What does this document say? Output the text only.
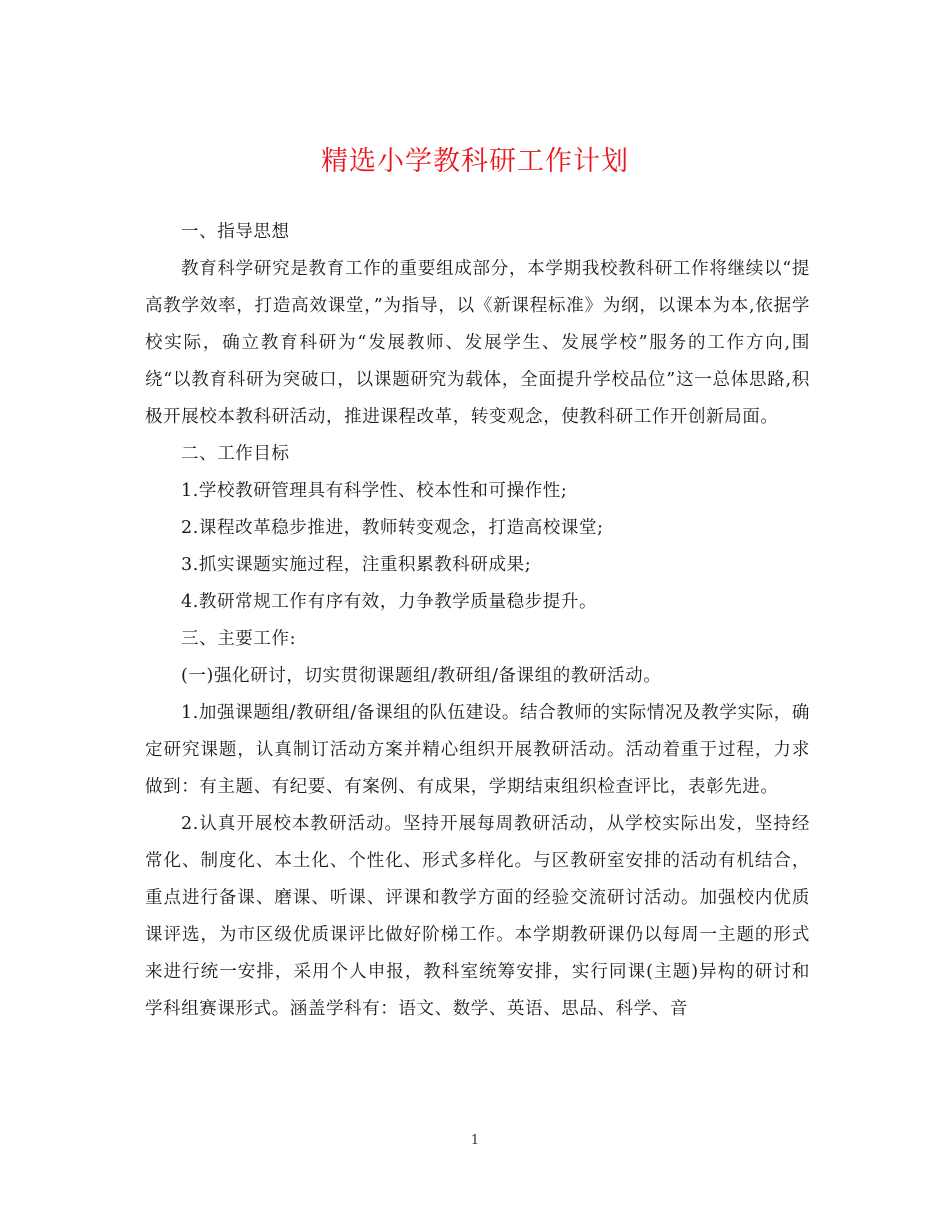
精选小学教科研工作计划

一、指导思想

教育科学研究是教育工作的重要组成部分，本学期我校教科研工作将继续以“提高教学效率，打造高效课堂，”为指导，以《新课程标准》为纲，以课本为本,依据学校实际，确立教育科研为“发展教师、发展学生、发展学校”服务的工作方向,围绕“以教育科研为突破口，以课题研究为载体，全面提升学校品位”这一总体思路,积极开展校本教科研活动，推进课程改革，转变观念，使教科研工作开创新局面。

二、工作目标

1.学校教研管理具有科学性、校本性和可操作性;

2.课程改革稳步推进，教师转变观念，打造高校课堂;

3.抓实课题实施过程，注重积累教科研成果;

4.教研常规工作有序有效，力争教学质量稳步提升。

三、主要工作:

(一)强化研讨，切实贯彻课题组/教研组/备课组的教研活动。

1.加强课题组/教研组/备课组的队伍建设。结合教师的实际情况及教学实际，确定研究课题，认真制订活动方案并精心组织开展教研活动。活动着重于过程，力求做到：有主题、有纪要、有案例、有成果，学期结束组织检查评比，表彰先进。

2.认真开展校本教研活动。坚持开展每周教研活动，从学校实际出发，坚持经常化、制度化、本土化、个性化、形式多样化。与区教研室安排的活动有机结合，重点进行备课、磨课、听课、评课和教学方面的经验交流研讨活动。加强校内优质课评选，为市区级优质课评比做好阶梯工作。本学期教研课仍以每周一主题的形式来进行统一安排，采用个人申报，教科室统筹安排，实行同课(主题)异构的研讨和学科组赛课形式。涵盖学科有：语文、数学、英语、思品、科学、音

1
